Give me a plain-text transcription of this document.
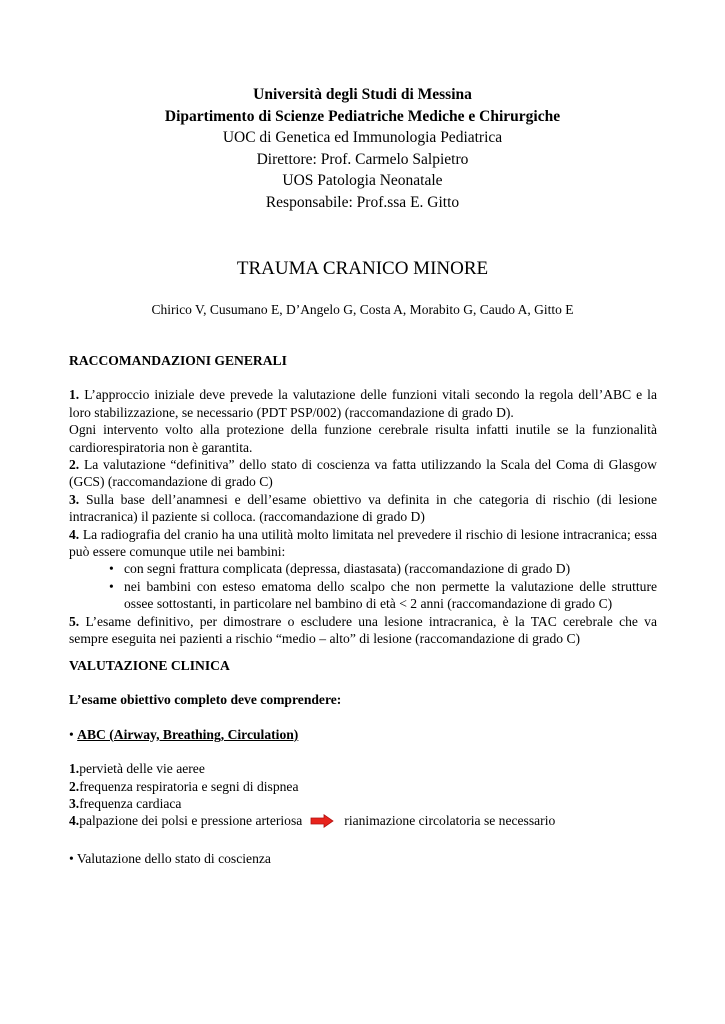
Università degli Studi di Messina
Dipartimento di Scienze Pediatriche Mediche e Chirurgiche
UOC di Genetica ed Immunologia Pediatrica
Direttore: Prof. Carmelo Salpietro
UOS Patologia Neonatale
Responsabile: Prof.ssa E. Gitto
TRAUMA CRANICO MINORE
Chirico V, Cusumano E, D’Angelo G, Costa A, Morabito G, Caudo A, Gitto E
RACCOMANDAZIONI GENERALI
1. L’approccio iniziale deve prevede la valutazione delle funzioni vitali secondo la regola dell’ABC e la loro stabilizzazione, se necessario (PDT PSP/002) (raccomandazione di grado D).
Ogni intervento volto alla protezione della funzione cerebrale risulta infatti inutile se la funzionalità cardiorespiratoria non è garantita.
2. La valutazione “definitiva” dello stato di coscienza va fatta utilizzando la Scala del Coma di Glasgow (GCS) (raccomandazione di grado C)
3. Sulla base dell’anamnesi e dell’esame obiettivo va definita in che categoria di rischio (di lesione intracranica) il paziente si colloca. (raccomandazione di grado D)
4. La radiografia del cranio ha una utilità molto limitata nel prevedere il rischio di lesione intracranica; essa può essere comunque utile nei bambini:
• con segni frattura complicata (depressa, diastasata) (raccomandazione di grado D)
• nei bambini con esteso ematoma dello scalpo che non permette la valutazione delle strutture ossee sottostanti, in particolare nel bambino di età < 2 anni (raccomandazione di grado C)
5. L’esame definitivo, per dimostrare o escludere una lesione intracranica, è la TAC cerebrale che va sempre eseguita nei pazienti a rischio “medio – alto” di lesione (raccomandazione di grado C)
VALUTAZIONE CLINICA
L’esame obiettivo completo deve comprendere:
• ABC (Airway, Breathing, Circulation)
1.pervietà delle vie aeree
2.frequenza respiratoria e segni di dispnea
3.frequenza cardiaca
4.palpazione dei polsi e pressione arteriosa	rianimazione circolatoria se necessario
• Valutazione dello stato di coscienza
